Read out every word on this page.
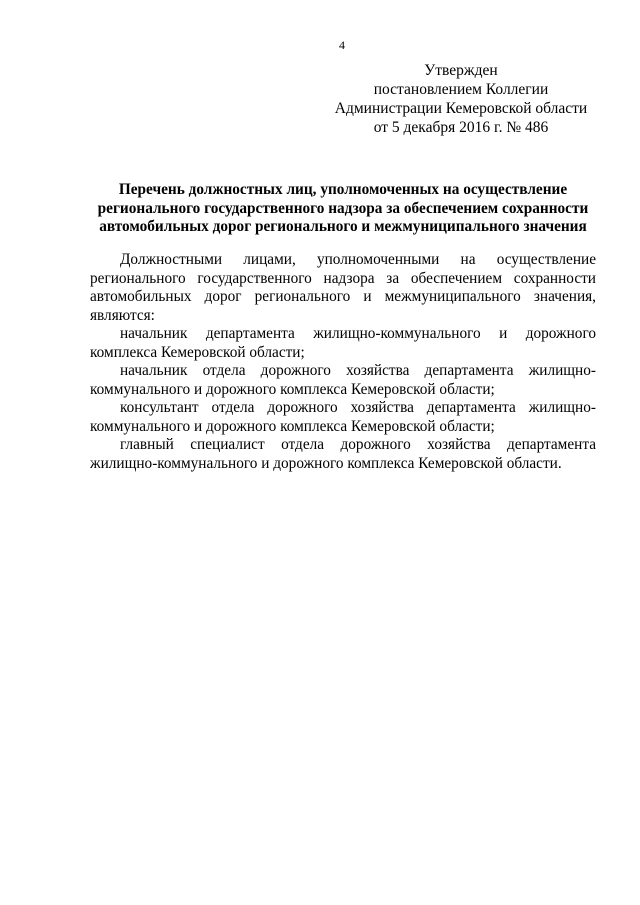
4
Утвержден
постановлением Коллегии
Администрации Кемеровской области
от 5 декабря 2016 г. № 486
Перечень должностных лиц, уполномоченных на осуществление
регионального государственного надзора за обеспечением сохранности
автомобильных дорог регионального и межмуниципального значения

Должностными лицами, уполномоченными на осуществление регионального государственного надзора за обеспечением сохранности автомобильных дорог регионального и межмуниципального значения, являются:

начальник департамента жилищно-коммунального и дорожного комплекса Кемеровской области;

начальник отдела дорожного хозяйства департамента жилищно-коммунального и дорожного комплекса Кемеровской области;

консультант отдела дорожного хозяйства департамента жилищно-коммунального и дорожного комплекса Кемеровской области;

главный специалист отдела дорожного хозяйства департамента жилищно-коммунального и дорожного комплекса Кемеровской области.
